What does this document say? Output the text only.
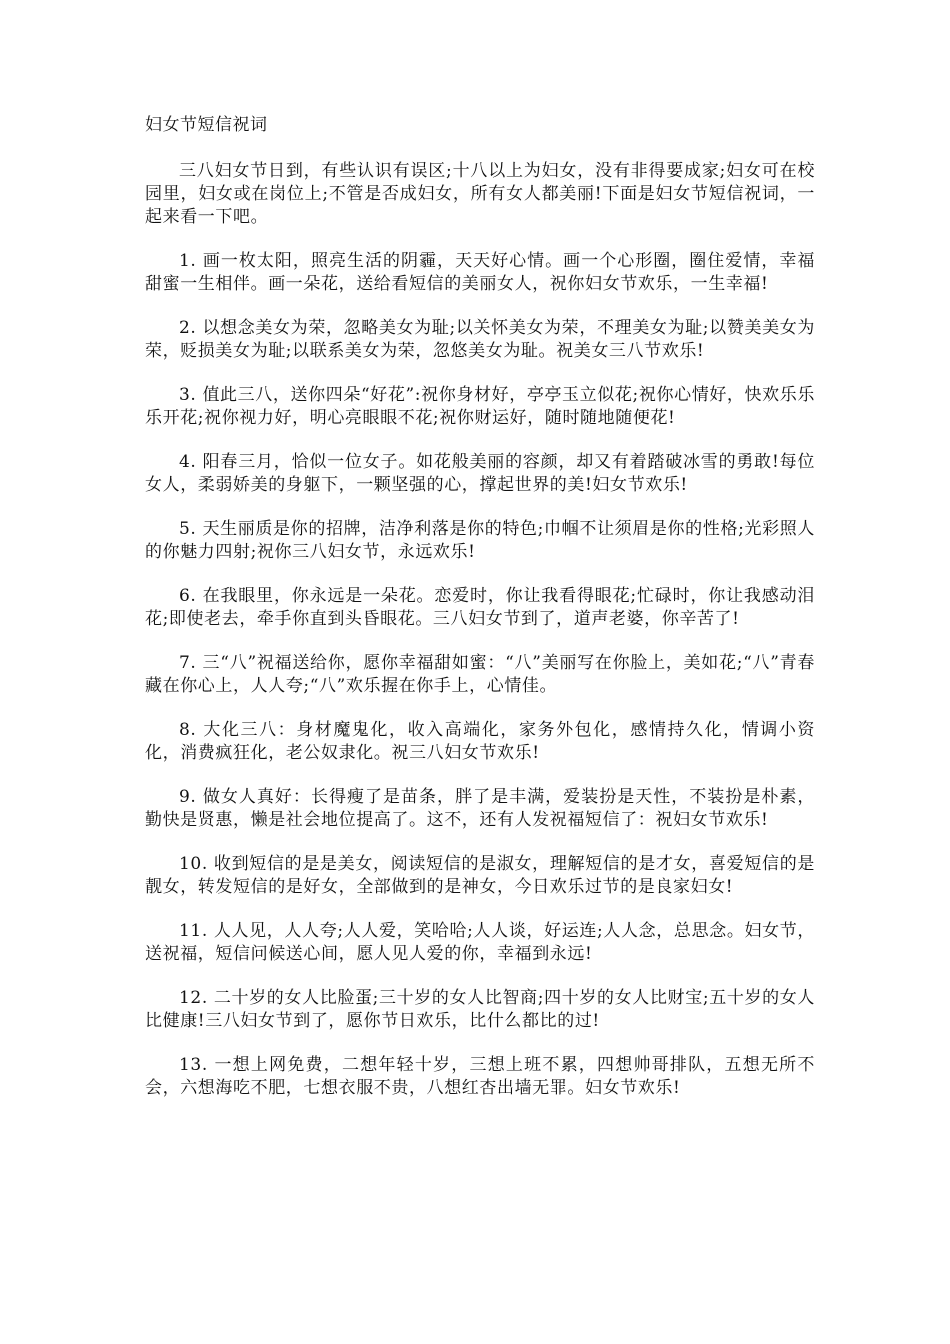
妇女节短信祝词

三八妇女节日到，有些认识有误区;十八以上为妇女，没有非得要成家;妇女可在校园里，妇女或在岗位上;不管是否成妇女，所有女人都美丽!下面是妇女节短信祝词，一起来看一下吧。

1. 画一枚太阳，照亮生活的阴霾，天天好心情。画一个心形圈，圈住爱情，幸福甜蜜一生相伴。画一朵花，送给看短信的美丽女人，祝你妇女节欢乐，一生幸福!

2. 以想念美女为荣，忽略美女为耻;以关怀美女为荣，不理美女为耻;以赞美美女为荣，贬损美女为耻;以联系美女为荣，忽悠美女为耻。祝美女三八节欢乐!

3. 值此三八，送你四朵“好花”:祝你身材好，亭亭玉立似花;祝你心情好，快欢乐乐乐开花;祝你视力好，明心亮眼眼不花;祝你财运好，随时随地随便花!

4. 阳春三月，恰似一位女子。如花般美丽的容颜，却又有着踏破冰雪的勇敢!每位女人，柔弱娇美的身躯下，一颗坚强的心，撑起世界的美!妇女节欢乐!

5. 天生丽质是你的招牌，洁净利落是你的特色;巾帼不让须眉是你的性格;光彩照人的你魅力四射;祝你三八妇女节，永远欢乐!

6. 在我眼里，你永远是一朵花。恋爱时，你让我看得眼花;忙碌时，你让我感动泪花;即使老去，牵手你直到头昏眼花。三八妇女节到了，道声老婆，你辛苦了!

7. 三“八”祝福送给你，愿你幸福甜如蜜：“八”美丽写在你脸上，美如花;“八”青春藏在你心上，人人夸;“八”欢乐握在你手上，心情佳。

8. 大化三八：身材魔鬼化，收入高端化，家务外包化，感情持久化，情调小资化，消费疯狂化，老公奴隶化。祝三八妇女节欢乐!

9. 做女人真好：长得瘦了是苗条，胖了是丰满，爱装扮是天性，不装扮是朴素，勤快是贤惠，懒是社会地位提高了。这不，还有人发祝福短信了：祝妇女节欢乐!

10. 收到短信的是是美女，阅读短信的是淑女，理解短信的是才女，喜爱短信的是靓女，转发短信的是好女，全部做到的是神女，今日欢乐过节的是良家妇女!

11. 人人见，人人夸;人人爱，笑哈哈;人人谈，好运连;人人念，总思念。妇女节，送祝福，短信问候送心间，愿人见人爱的你，幸福到永远!

12. 二十岁的女人比脸蛋;三十岁的女人比智商;四十岁的女人比财宝;五十岁的女人比健康!三八妇女节到了，愿你节日欢乐，比什么都比的过!

13. 一想上网免费，二想年轻十岁，三想上班不累，四想帅哥排队，五想无所不会，六想海吃不肥，七想衣服不贵，八想红杏出墙无罪。妇女节欢乐!
